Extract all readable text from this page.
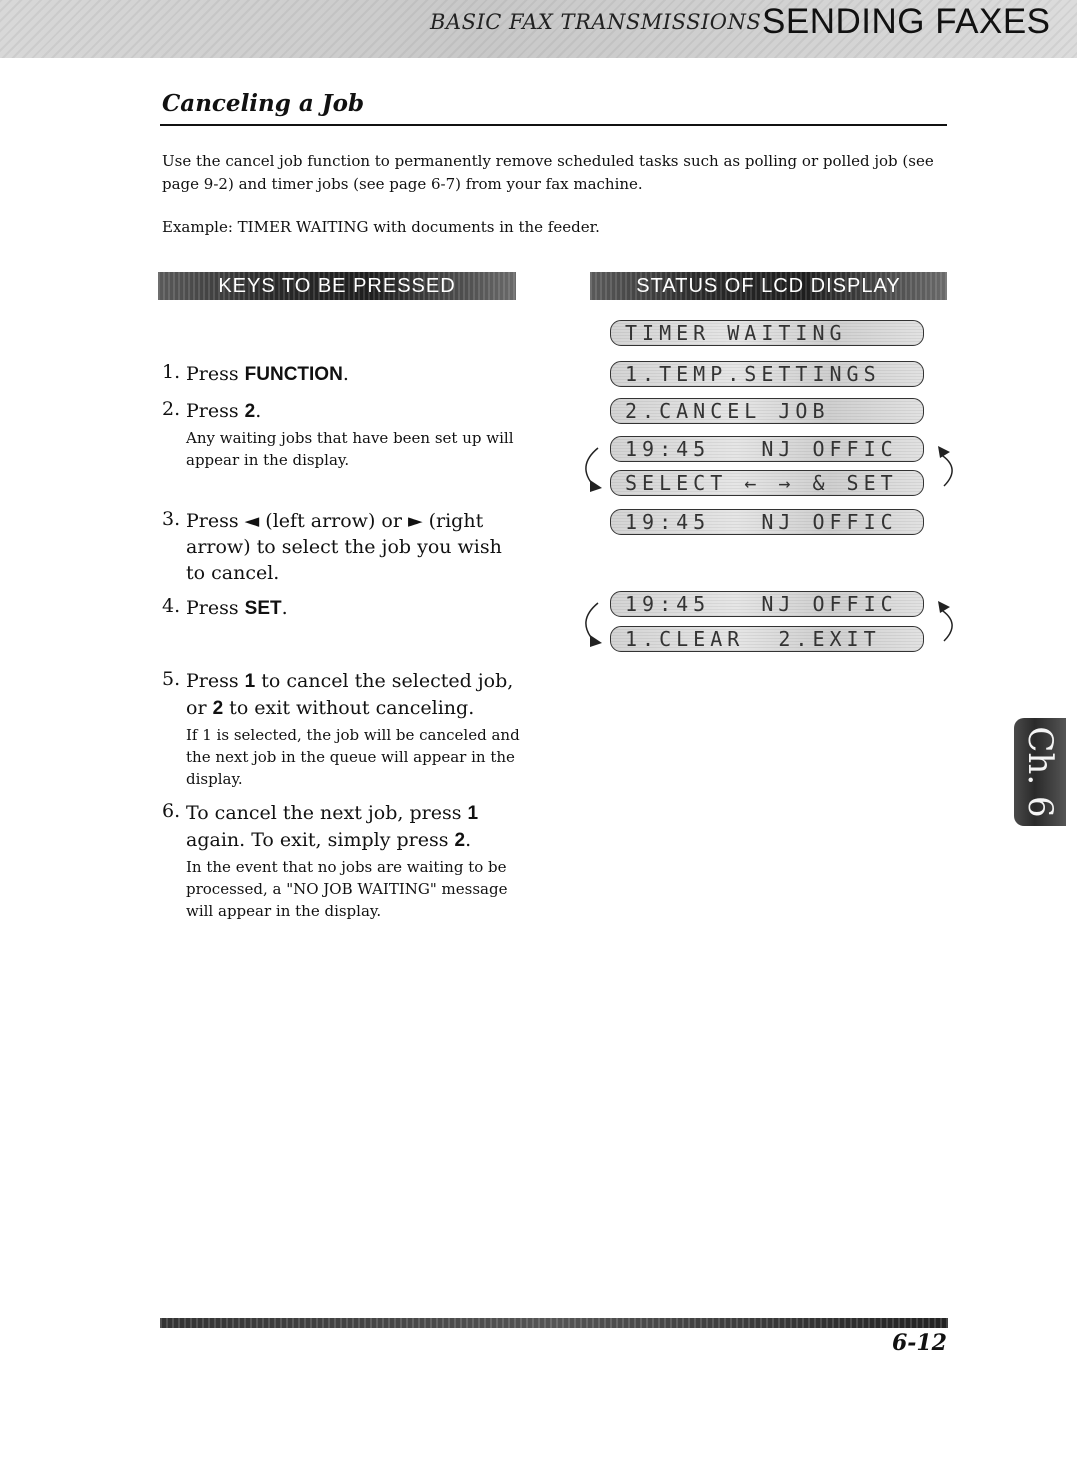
BASIC FAX TRANSMISSIONS SENDING FAXES
Canceling a Job
Use the cancel job function to permanently remove scheduled tasks such as polling or polled job (see page 9-2) and timer jobs (see page 6-7) from your fax machine.
Example: TIMER WAITING with documents in the feeder.
KEYS TO BE PRESSED	STATUS OF LCD DISPLAY
1. Press FUNCTION.
2. Press 2.
Any waiting jobs that have been set up will appear in the display.
3. Press ◄ (left arrow) or ► (right arrow) to select the job you wish to cancel.
4. Press SET.
5. Press 1 to cancel the selected job, or 2 to exit without canceling.
If 1 is selected, the job will be canceled and the next job in the queue will appear in the display.
6. To cancel the next job, press 1 again. To exit, simply press 2.
In the event that no jobs are waiting to be processed, a "NO JOB WAITING" message will appear in the display.
TIMER WAITING
1.TEMP.SETTINGS
2.CANCEL JOB
19:45   NJ OFFIC
SELECT ← → & SET
19:45   NJ OFFIC
19:45   NJ OFFIC
1.CLEAR  2.EXIT
Ch. 6
6-12
